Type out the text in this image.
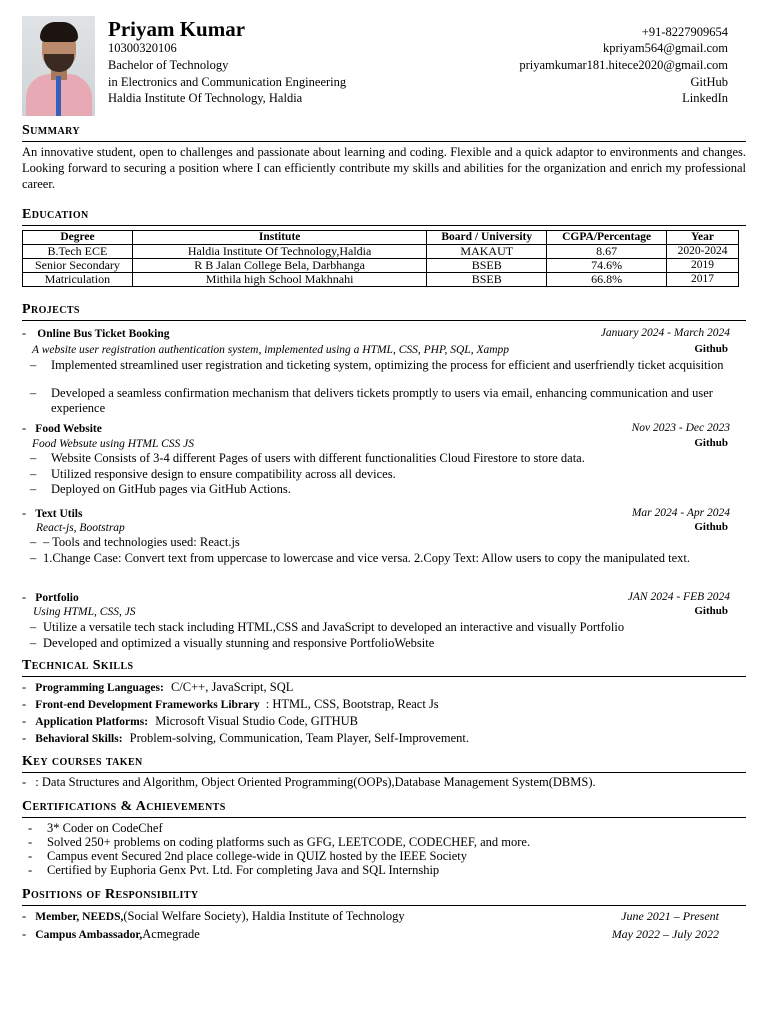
Priyam Kumar
10300320106
Bachelor of Technology
in Electronics and Communication Engineering
Haldia Institute Of Technology, Haldia
+91-8227909654
kpriyam564@gmail.com
priyamkumar181.hitece2020@gmail.com
GitHub
LinkedIn
Summary
An innovative student, open to challenges and passionate about learning and coding. Flexible and a quick adaptor to environments and changes. Looking forward to securing a position where I can efficiently contribute my skills and abilities for the organization and enrich my professional career.
Education
Degree	Institute	Board / University	CGPA/Percentage	Year
B.Tech ECE	Haldia Institute Of Technology,Haldia	MAKAUT	8.67	2020-2024
Senior Secondary	R B Jalan College Bela, Darbhanga	BSEB	74.6%	2019
Matriculation	Mithila high School Makhnahi	BSEB	66.8%	2017
Projects
- Online Bus Ticket Booking	January 2024 - March 2024
A website user registration authentication system, implemented using a HTML, CSS, PHP, SQL, Xampp	Github
–	Implemented streamlined user registration and ticketing system, optimizing the process for efficient and userfriendly ticket acquisition
–	Developed a seamless confirmation mechanism that delivers tickets promptly to users via email, enhancing communication and user experience
- Food Website	Nov 2023 - Dec 2023
Food Websute using HTML CSS JS	Github
–	Website Consists of 3-4 different Pages of users with different functionalities Cloud Firestore to store data.
–	Utilized responsive design to ensure compatibility across all devices.
–	Deployed on GitHub pages via GitHub Actions.
- Text Utils	Mar 2024 - Apr 2024
React-js, Bootstrap	Github
– – Tools and technologies used: React.js
– 1.Change Case: Convert text from uppercase to lowercase and vice versa. 2.Copy Text: Allow users to copy the manipulated text.
- Portfolio	JAN 2024 - FEB 2024
Using HTML, CSS, JS	Github
– Utilize a versatile tech stack including HTML,CSS and JavaScript to developed an interactive and visually Portfolio
– Developed and optimized a visually stunning and responsive PortfolioWebsite
Technical Skills
- Programming Languages: C/C++, JavaScript, SQL
- Front-end Development Frameworks Library : HTML, CSS, Bootstrap, React Js
- Application Platforms: Microsoft Visual Studio Code, GITHUB
- Behavioral Skills: Problem-solving, Communication, Team Player, Self-Improvement.
Key courses taken
- : Data Structures and Algorithm, Object Oriented Programming(OOPs),Database Management System(DBMS).
Certifications & Achievements
- 3* Coder on CodeChef
- Solved 250+ problems on coding platforms such as GFG, LEETCODE, CODECHEF, and more.
- Campus event Secured 2nd place college-wide in QUIZ hosted by the IEEE Society
- Certified by Euphoria Genx Pvt. Ltd. For completing Java and SQL Internship
Positions of Responsibility
- Member, NEEDS,(Social Welfare Society), Haldia Institute of Technology	June 2021 – Present
- Campus Ambassador,Acmegrade	May 2022 – July 2022
